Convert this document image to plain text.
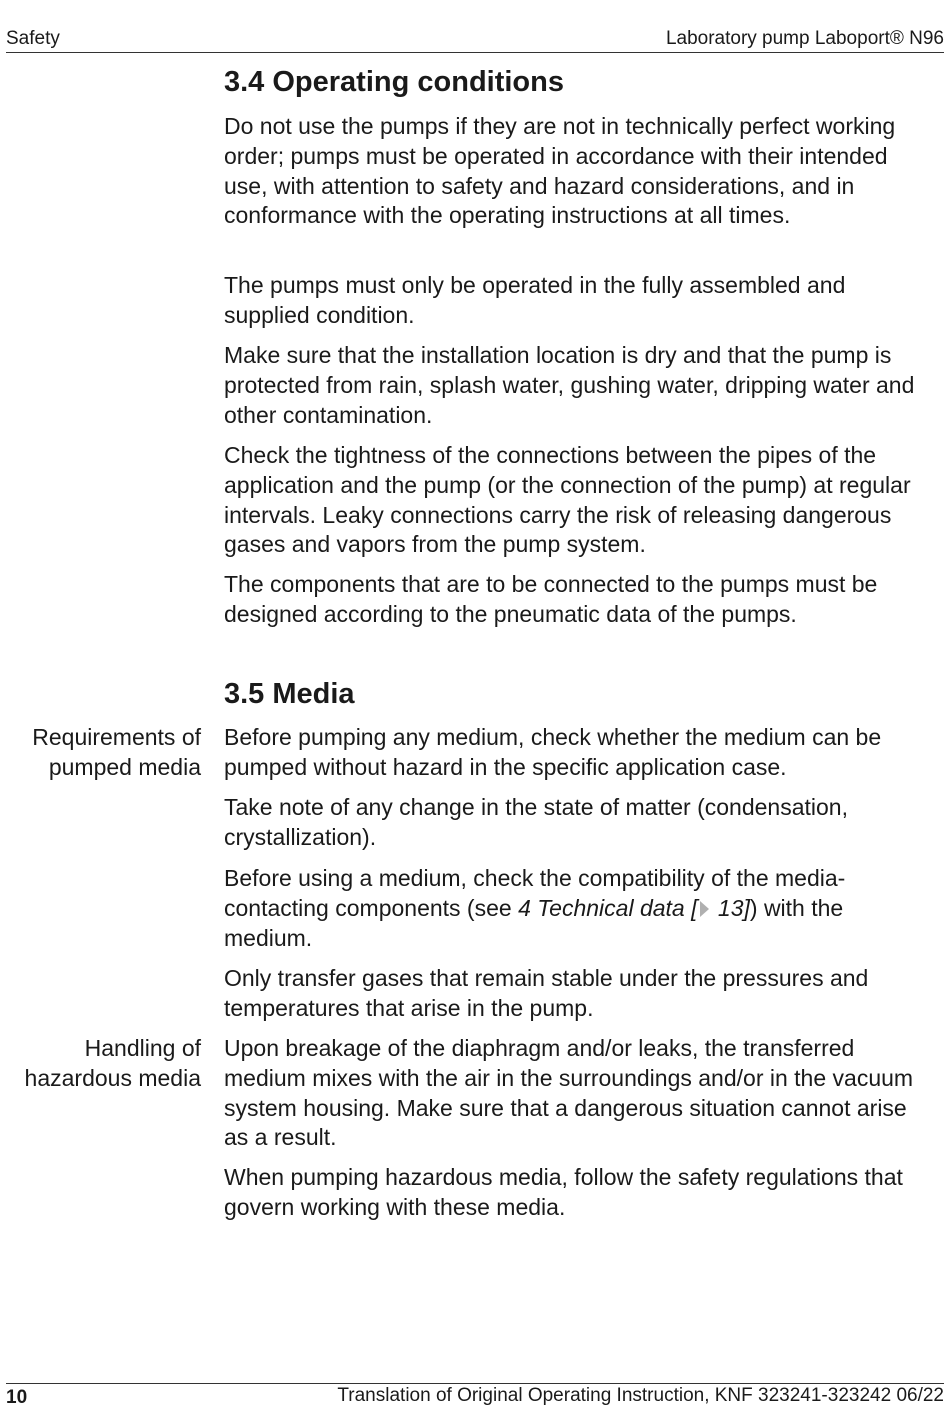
Safety	Laboratory pump Laboport® N96
3.4 Operating conditions

Do not use the pumps if they are not in technically perfect working order; pumps must be operated in accordance with their intended use, with attention to safety and hazard considerations, and in conformance with the operating instructions at all times.

The pumps must only be operated in the fully assembled and supplied condition.

Make sure that the installation location is dry and that the pump is protected from rain, splash water, gushing water, dripping water and other contamination.

Check the tightness of the connections between the pipes of the application and the pump (or the connection of the pump) at regular intervals. Leaky connections carry the risk of releasing dangerous gases and vapors from the pump system.

The components that are to be connected to the pumps must be designed according to the pneumatic data of the pumps.

3.5 Media

Requirements of pumped media

Before pumping any medium, check whether the medium can be pumped without hazard in the specific application case.

Take note of any change in the state of matter (condensation, crystallization).

Before using a medium, check the compatibility of the media-contacting components (see 4 Technical data [ 13]) with the medium.

Only transfer gases that remain stable under the pressures and temperatures that arise in the pump.

Handling of hazardous media

Upon breakage of the diaphragm and/or leaks, the transferred medium mixes with the air in the surroundings and/or in the vacuum system housing. Make sure that a dangerous situation cannot arise as a result.

When pumping hazardous media, follow the safety regulations that govern working with these media.

10	Translation of Original Operating Instruction, KNF 323241-323242 06/22
